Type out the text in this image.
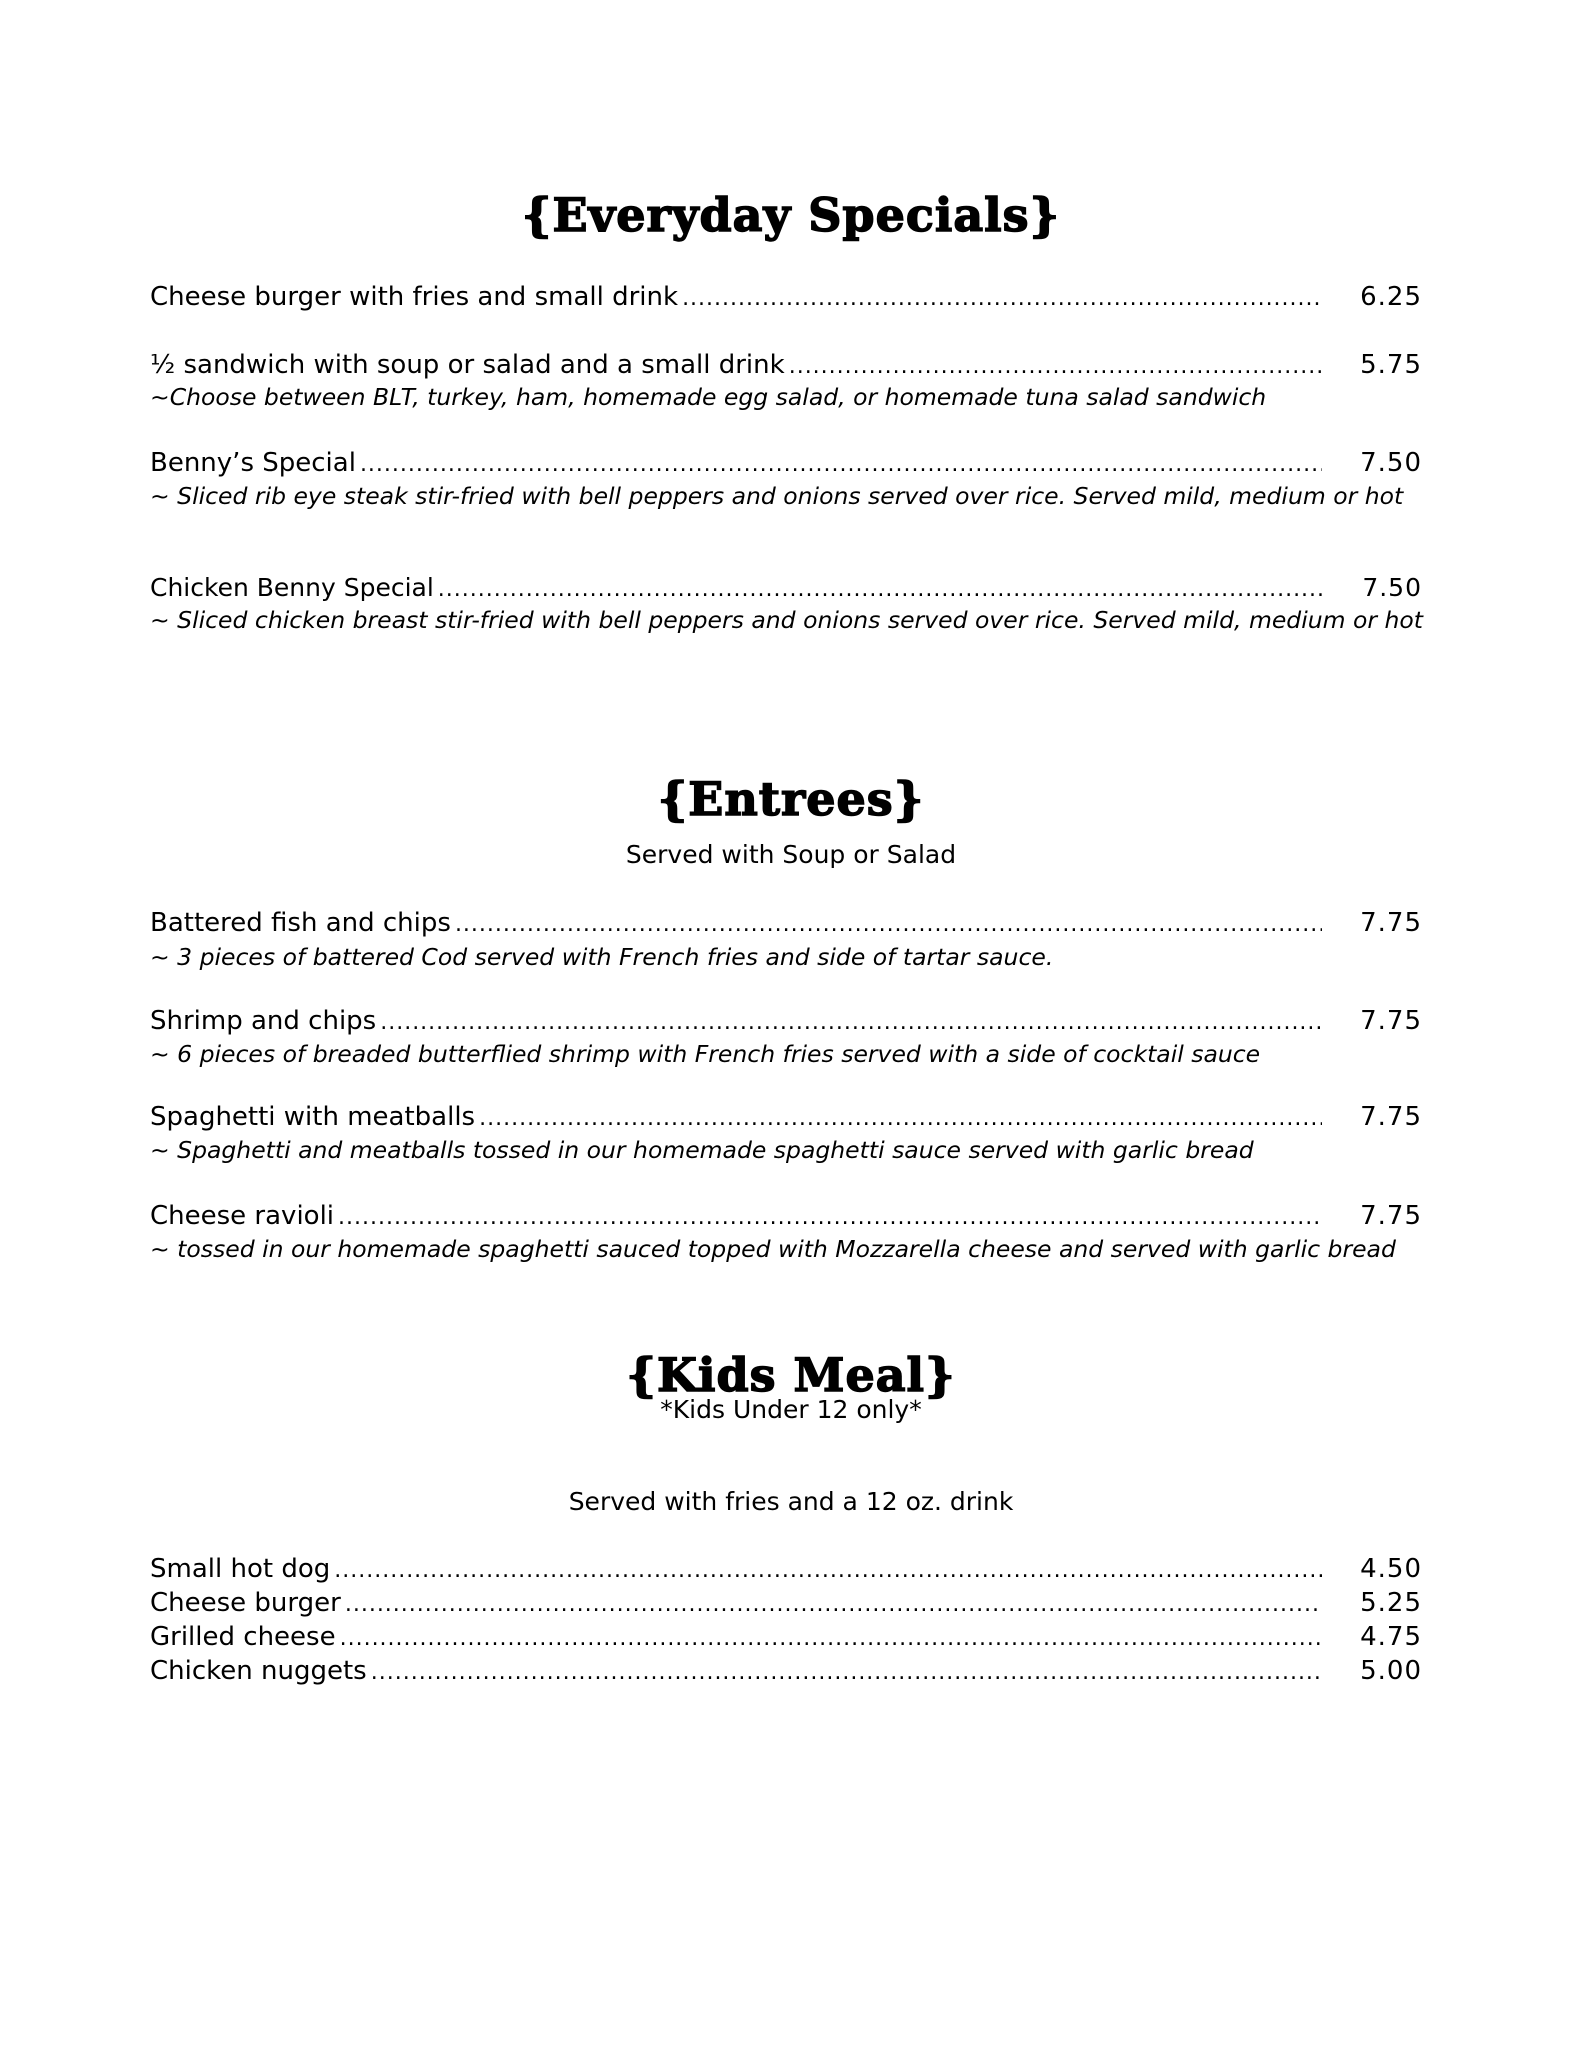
{Everyday Specials}
Cheese burger with fries and small drink .....	6.25
½ sandwich with soup or salad and a small drink .....	5.75
~Choose between BLT, turkey, ham, homemade egg salad, or homemade tuna salad sandwich
Benny’s Special .....	7.50
~ Sliced rib eye steak stir-fried with bell peppers and onions served over rice. Served mild, medium or hot
Chicken Benny Special .....	7.50
~ Sliced chicken breast stir-fried with bell peppers and onions served over rice. Served mild, medium or hot
{Entrees}
Served with Soup or Salad
Battered fish and chips .....	7.75
~ 3 pieces of battered Cod served with French fries and side of tartar sauce.
Shrimp and chips .....	7.75
~ 6 pieces of breaded butterflied shrimp with French fries served with a side of cocktail sauce
Spaghetti with meatballs .....	7.75
~ Spaghetti and meatballs tossed in our homemade spaghetti sauce served with garlic bread
Cheese ravioli .....	7.75
~ tossed in our homemade spaghetti sauced topped with Mozzarella cheese and served with garlic bread
{Kids Meal}
*Kids Under 12 only*
Served with fries and a 12 oz. drink
Small hot dog .....	4.50
Cheese burger .....	5.25
Grilled cheese .....	4.75
Chicken nuggets .....	5.00
